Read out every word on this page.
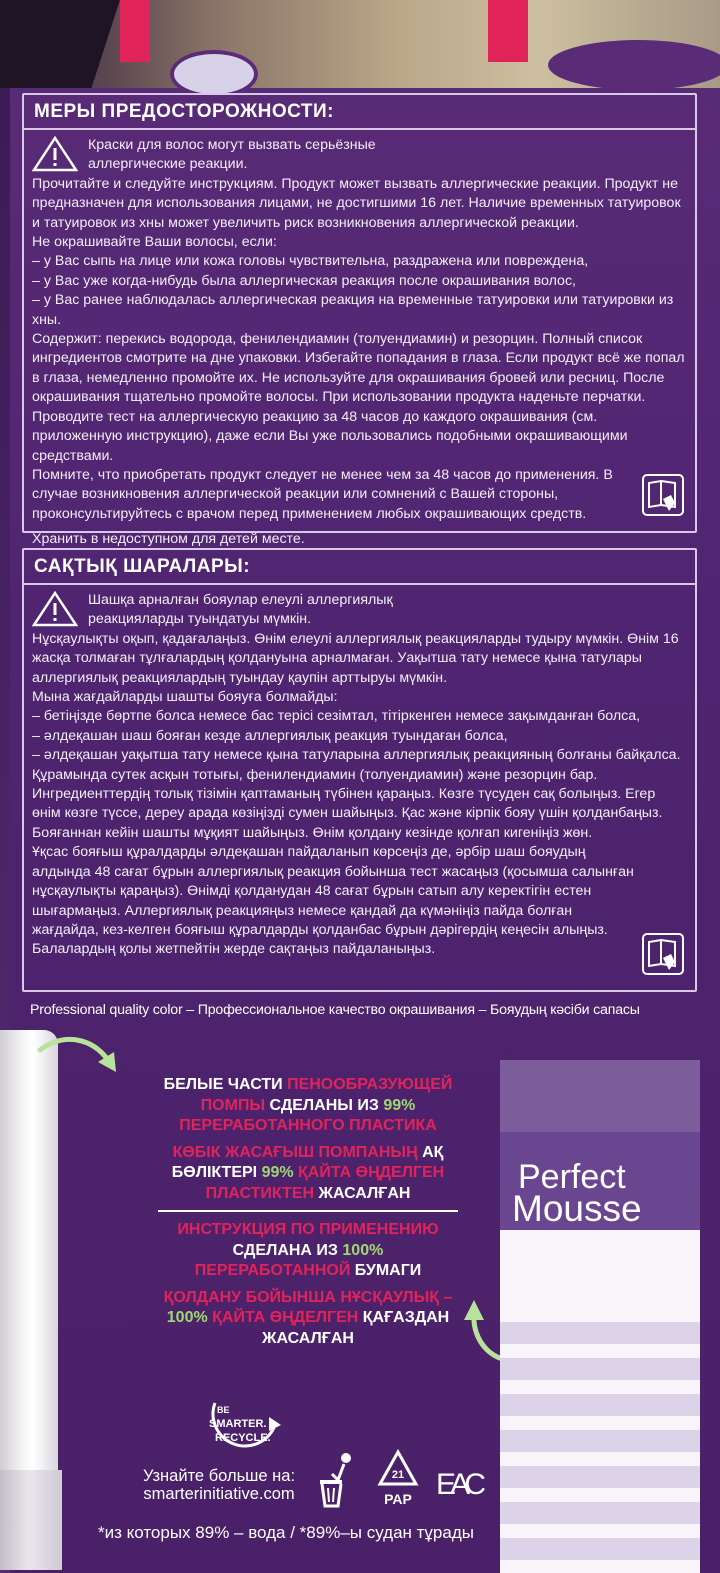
МЕРЫ ПРЕДОСТОРОЖНОСТИ:

Краски для волос могут вызвать серьёзные аллергические реакции.

Прочитайте и следуйте инструкциям. Продукт может вызвать аллергические реакции. Продукт не предназначен для использования лицами, не достигшими 16 лет. Наличие временных татуировок и татуировок из хны может увеличить риск возникновения аллергической реакции.

Не окрашивайте Ваши волосы, если:

– у Вас сыпь на лице или кожа головы чувствительна, раздражена или повреждена,

– у Вас уже когда-нибудь была аллергическая реакция после окрашивания волос,

– у Вас ранее наблюдалась аллергическая реакция на временные татуировки или татуировки из хны.

Содержит: перекись водорода, фенилендиамин (толуендиамин) и резорцин. Полный список ингредиентов смотрите на дне упаковки. Избегайте попадания в глаза. Если продукт всё же попал в глаза, немедленно промойте их. Не используйте для окрашивания бровей или ресниц. После окрашивания тщательно промойте волосы. При использовании продукта наденьте перчатки. Проводите тест на аллергическую реакцию за 48 часов до каждого окрашивания (см. приложенную инструкцию), даже если Вы уже пользовались подобными окрашивающими средствами.

Помните, что приобретать продукт следует не менее чем за 48 часов до применения. В случае возникновения аллергической реакции или сомнений с Вашей стороны, проконсультируйтесь с врачом перед применением любых окрашивающих средств.

Хранить в недоступном для детей месте.

САҚТЫҚ ШАРАЛАРЫ:

Шашқа арналған бояулар елеулі аллергиялық реакцияларды туындатуы мүмкін.

Нұсқаулықты оқып, қадағалаңыз. Өнім елеулі аллергиялық реакцияларды тудыру мүмкін. Өнім 16 жасқа толмаған тұлғалардың қолдануына арналмаған. Уақытша тату немесе қына татулары аллергиялық реакциялардың туындау қаупін арттыруы мүмкін.

Мына жағдайларды шашты бояуға болмайды:

– бетіңізде бөртпе болса немесе бас терісі сезімтал, тітіркенген немесе зақымданған болса,

– әлдеқашан шаш бояған кезде аллергиялық реакция туындаған болса,

– әлдеқашан уақытша тату немесе қына татуларына аллергиялық реакцияның болғаны байқалса.

Құрамында сутек асқын тотығы, фенилендиамин (толуендиамин) және резорцин бар. Ингредиенттердің толық тізімін қаптаманың түбінен қараңыз. Көзге түсуден сақ болыңыз. Егер өнім көзге түссе, дереу арада көзіңізді сумен шайыңыз. Қас және кірпік бояу үшін қолданбаңыз. Бояғаннан кейін шашты мұқият шайыңыз. Өнім қолдану кезінде қолғап кигеніңіз жөн.

Ұқсас бояғыш құралдарды әлдеқашан пайдаланып көрсеңіз де, әрбір шаш бояудың алдында 48 сағат бұрын аллергиялық реакция бойынша тест жасаңыз (қосымша салынған нұсқаулықты қараңыз). Өнімді қолданудан 48 сағат бұрын сатып алу керектігін естен шығармаңыз. Аллергиялық реакцияңыз немесе қандай да күмәніңіз пайда болған жағдайда, кез-келген бояғыш құралдарды қолданбас бұрын дәрігердің кеңесін алыңыз.

Балалардың қолы жетпейтін жерде сақтаңыз пайдаланыңыз.

Professional quality color – Профессиональное качество окрашивания – Бояудың кәсіби сапасы
БЕЛЫЕ ЧАСТИ ПЕНООБРАЗУЮЩЕЙ
ПОМПЫ СДЕЛАНЫ ИЗ 99%
ПЕРЕРАБОТАННОГО ПЛАСТИКА
КӨБІК ЖАСАҒЫШ ПОМПАНЫҢ АҚ
БӨЛІКТЕРІ 99% ҚАЙТА ӨҢДЕЛГЕН
ПЛАСТИКТЕН ЖАСАЛҒАН
ИНСТРУКЦИЯ ПО ПРИМЕНЕНИЮ
СДЕЛАНА ИЗ 100%
ПЕРЕРАБОТАННОЙ БУМАГИ
ҚОЛДАНУ БОЙЫНША НҰСҚАУЛЫҚ –
100% ҚАЙТА ӨҢДЕЛГЕН ҚАҒАЗДАН
ЖАСАЛҒАН
Perfect
Mousse
BE
SMARTER.
RECYCLE.
Узнайте больше на:
smarterinitiative.com
21
PAP EAC
*из которых 89% – вода / *89%–ы судан тұрады
